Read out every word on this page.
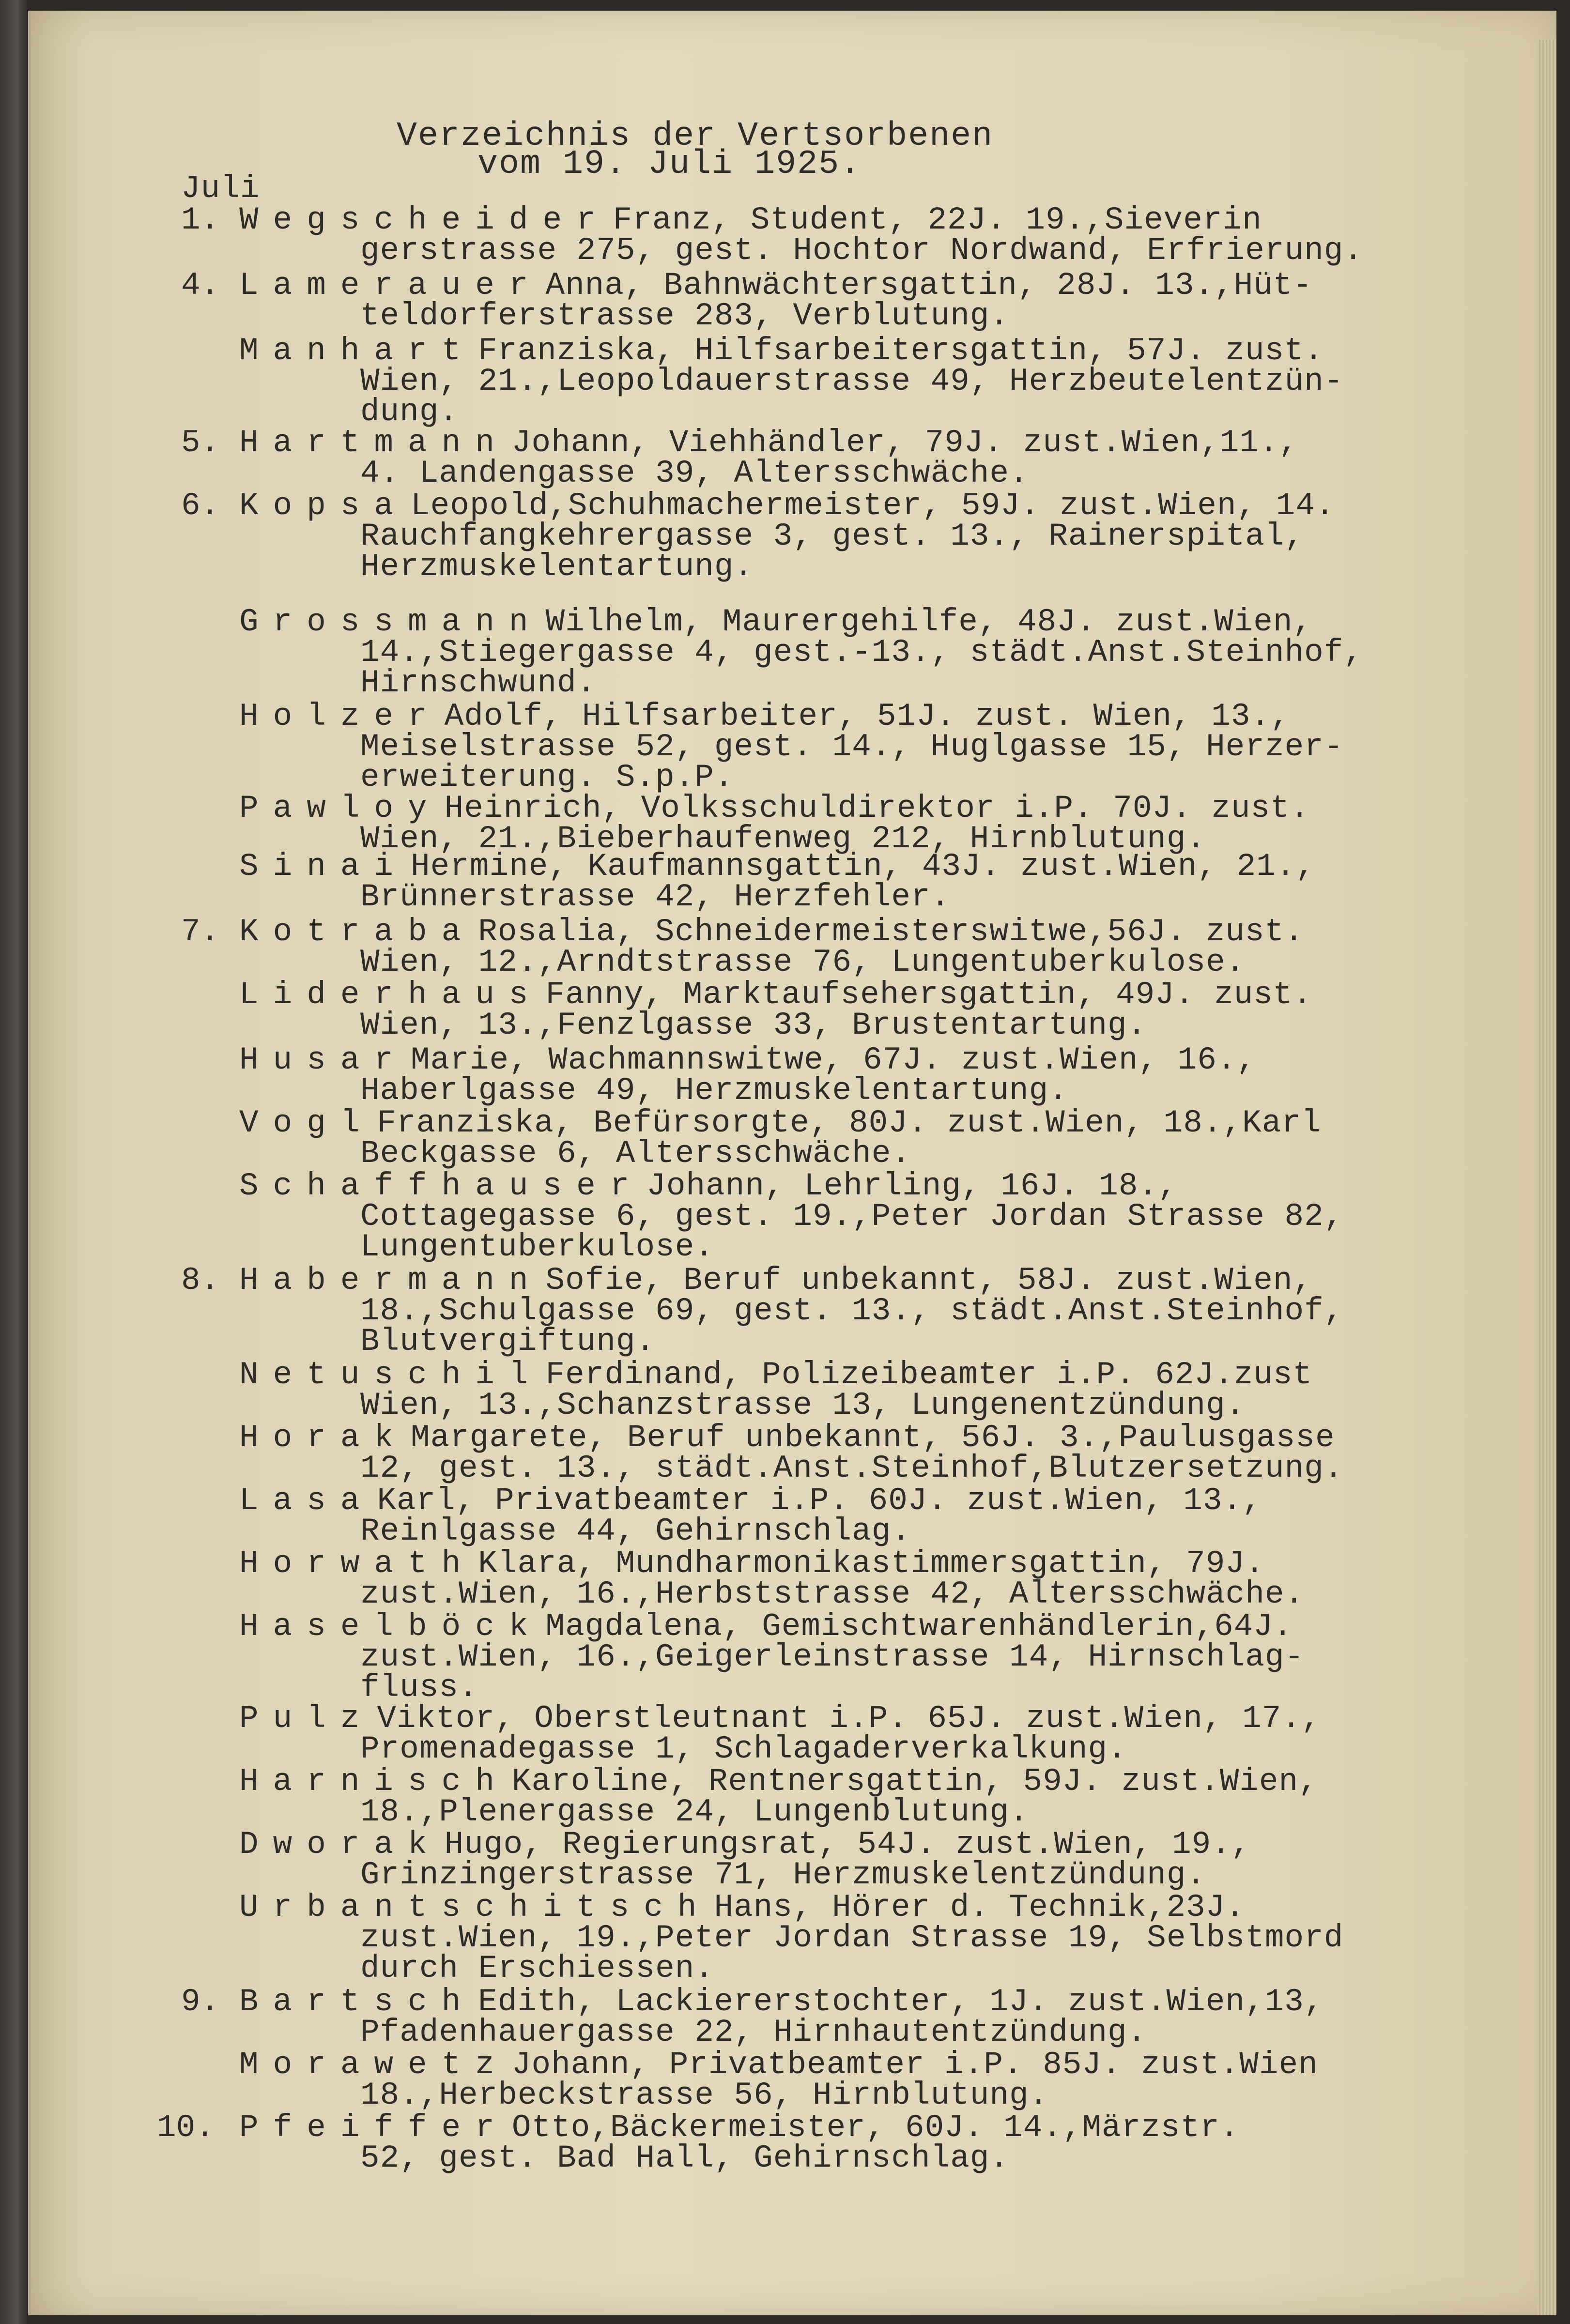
Verzeichnis der Vertsorbenen

vom 19. Juli 1925.

Juli

1. WegscheiderFranz, Student, 22J. 19.,Sieverin
gerstrasse 275, gest. Hochtor Nordwand, Erfrierung.
4. LamerauerAnna, Bahnwächtersgattin, 28J. 13.,Hüt-
teldorferstrasse 283, Verblutung.
ManhartFranziska, Hilfsarbeitersgattin, 57J. zust.
Wien, 21.,Leopoldauerstrasse 49, Herzbeutelentzün-
dung.
5. HartmannJohann, Viehhändler, 79J. zust.Wien,11.,
4. Landengasse 39, Altersschwäche.
6. KopsaLeopold,Schuhmachermeister, 59J. zust.Wien, 14.
Rauchfangkehrergasse 3, gest. 13., Rainerspital,
Herzmuskelentartung.
GrossmannWilhelm, Maurergehilfe, 48J. zust.Wien,
14.,Stiegergasse 4, gest.-13., städt.Anst.Steinhof,
Hirnschwund.
HolzerAdolf, Hilfsarbeiter, 51J. zust. Wien, 13.,
Meiselstrasse 52, gest. 14., Huglgasse 15, Herzer-
erweiterung. S.p.P.
PawloyHeinrich, Volksschuldirektor i.P. 70J. zust.
Wien, 21.,Bieberhaufenweg 212, Hirnblutung.
SinaiHermine, Kaufmannsgattin, 43J. zust.Wien, 21.,
Brünnerstrasse 42, Herzfehler.
7. KotrabaRosalia, Schneidermeisterswitwe,56J. zust.
Wien, 12.,Arndtstrasse 76, Lungentuberkulose.
LiderhausFanny, Marktaufsehersgattin, 49J. zust.
Wien, 13.,Fenzlgasse 33, Brustentartung.
HusarMarie, Wachmannswitwe, 67J. zust.Wien, 16.,
Haberlgasse 49, Herzmuskelentartung.
VoglFranziska, Befürsorgte, 80J. zust.Wien, 18.,Karl
Beckgasse 6, Altersschwäche.
SchaffhauserJohann, Lehrling, 16J. 18.,
Cottagegasse 6, gest. 19.,Peter Jordan Strasse 82,
Lungentuberkulose.
8. HabermannSofie, Beruf unbekannt, 58J. zust.Wien,
18.,Schulgasse 69, gest. 13., städt.Anst.Steinhof,
Blutvergiftung.
NetuschilFerdinand, Polizeibeamter i.P. 62J.zust
Wien, 13.,Schanzstrasse 13, Lungenentzündung.
HorakMargarete, Beruf unbekannt, 56J. 3.,Paulusgasse
12, gest. 13., städt.Anst.Steinhof,Blutzersetzung.
LasaKarl, Privatbeamter i.P. 60J. zust.Wien, 13.,
Reinlgasse 44, Gehirnschlag.
HorwathKlara, Mundharmonikastimmersgattin, 79J.
zust.Wien, 16.,Herbststrasse 42, Altersschwäche.
HaselböckMagdalena, Gemischtwarenhändlerin,64J.
zust.Wien, 16.,Geigerleinstrasse 14, Hirnschlag-
fluss.
PulzViktor, Oberstleutnant i.P. 65J. zust.Wien, 17.,
Promenadegasse 1, Schlagaderverkalkung.
HarnischKaroline, Rentnersgattin, 59J. zust.Wien,
18.,Plenergasse 24, Lungenblutung.
DworakHugo, Regierungsrat, 54J. zust.Wien, 19.,
Grinzingerstrasse 71, Herzmuskelentzündung.
UrbantschitschHans, Hörer d. Technik,23J.
zust.Wien, 19.,Peter Jordan Strasse 19, Selbstmord
durch Erschiessen.
9. BartschEdith, Lackiererstochter, 1J. zust.Wien,13,
Pfadenhauergasse 22, Hirnhautentzündung.
MorawetzJohann, Privatbeamter i.P. 85J. zust.Wien
18.,Herbeckstrasse 56, Hirnblutung.
10. PfeifferOtto,Bäckermeister, 60J. 14.,Märzstr.
52, gest. Bad Hall, Gehirnschlag.
